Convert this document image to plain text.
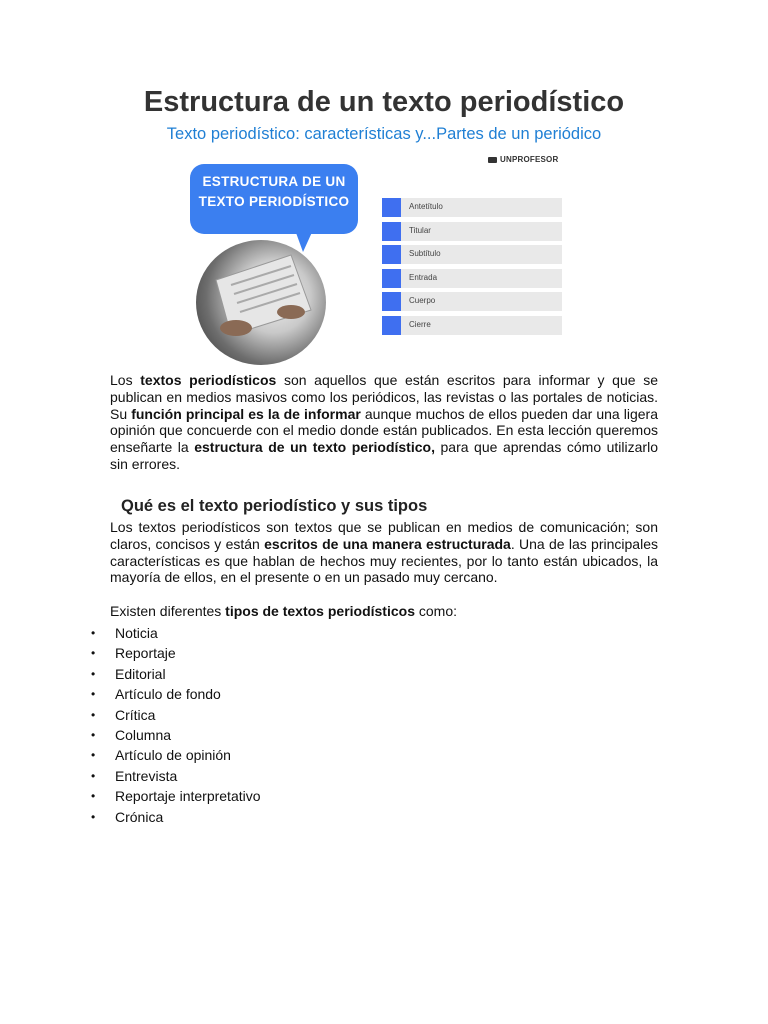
Estructura de un texto periodístico
Texto periodístico: características y...Partes de un periódico
ESTRUCTURA DE UN
TEXTO PERIODÍSTICO
UNPROFESOR
Antetítulo
Titular
Subtítulo
Entrada
Cuerpo
Cierre
Los textos periodísticos son aquellos que están escritos para informar y que se publican en medios masivos como los periódicos, las revistas o las portales de noticias. Su función principal es la de informar aunque muchos de ellos pueden dar una ligera opinión que concuerde con el medio donde están publicados. En esta lección queremos enseñarte la estructura de un texto periodístico, para que aprendas cómo utilizarlo sin errores.
Qué es el texto periodístico y sus tipos
Los textos periodísticos son textos que se publican en medios de comunicación; son claros, concisos y están escritos de una manera estructurada. Una de las principales características es que hablan de hechos muy recientes, por lo tanto están ubicados, la mayoría de ellos, en el presente o en un pasado muy cercano.
Existen diferentes tipos de textos periodísticos como:
• Noticia
• Reportaje
• Editorial
• Artículo de fondo
• Crítica
• Columna
• Artículo de opinión
• Entrevista
• Reportaje interpretativo
• Crónica
